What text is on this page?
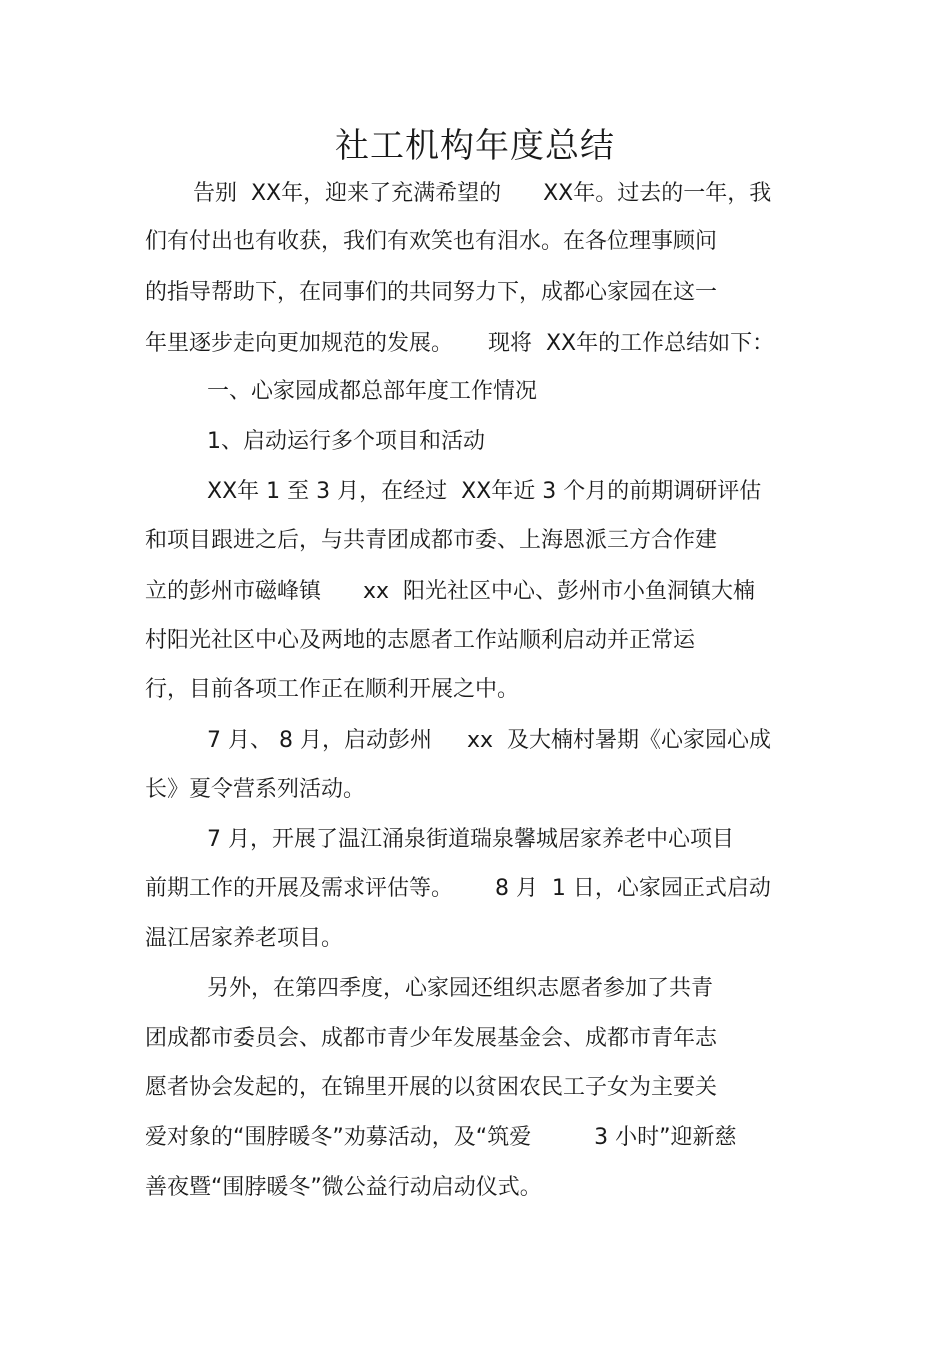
社工机构年度总结

告别  XX年，迎来了充满希望的      XX年。过去的一年，我

们有付出也有收获，我们有欢笑也有泪水。在各位理事顾问

的指导帮助下，在同事们的共同努力下，成都心家园在这一

年里逐步走向更加规范的发展。     现将  XX年的工作总结如下：

一、心家园成都总部年度工作情况

1、启动运行多个项目和活动

XX年 1 至 3 月，在经过  XX年近 3 个月的前期调研评估

和项目跟进之后，与共青团成都市委、上海恩派三方合作建

立的彭州市磁峰镇      xx  阳光社区中心、彭州市小鱼洞镇大楠

村阳光社区中心及两地的志愿者工作站顺利启动并正常运

行，目前各项工作正在顺利开展之中。

7 月、 8 月，启动彭州     xx  及大楠村暑期《心家园心成

长》夏令营系列活动。

7 月，开展了温江涌泉街道瑞泉馨城居家养老中心项目

前期工作的开展及需求评估等。      8 月  1 日，心家园正式启动

温江居家养老项目。

另外，在第四季度，心家园还组织志愿者参加了共青

团成都市委员会、成都市青少年发展基金会、成都市青年志

愿者协会发起的，在锦里开展的以贫困农民工子女为主要关

爱对象的“围脖暖冬”劝募活动，及“筑爱         3 小时”迎新慈

善夜暨“围脖暖冬”微公益行动启动仪式。
